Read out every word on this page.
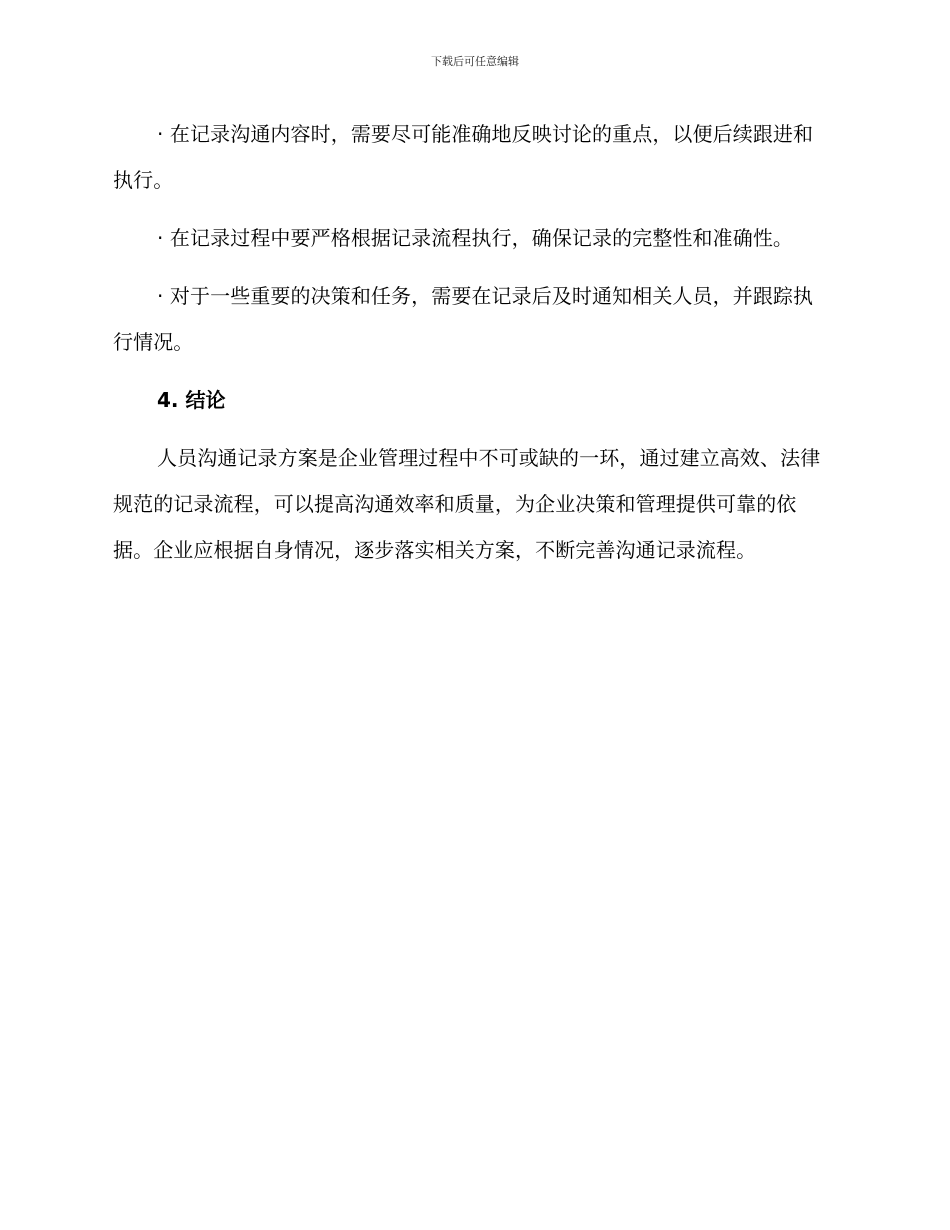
下载后可任意编辑

· 在记录沟通内容时，需要尽可能准确地反映讨论的重点，以便后续跟进和执行。

· 在记录过程中要严格根据记录流程执行，确保记录的完整性和准确性。

· 对于一些重要的决策和任务，需要在记录后及时通知相关人员，并跟踪执行情况。

4. 结论

人员沟通记录方案是企业管理过程中不可或缺的一环，通过建立高效、法律规范的记录流程，可以提高沟通效率和质量，为企业决策和管理提供可靠的依据。企业应根据自身情况，逐步落实相关方案，不断完善沟通记录流程。
